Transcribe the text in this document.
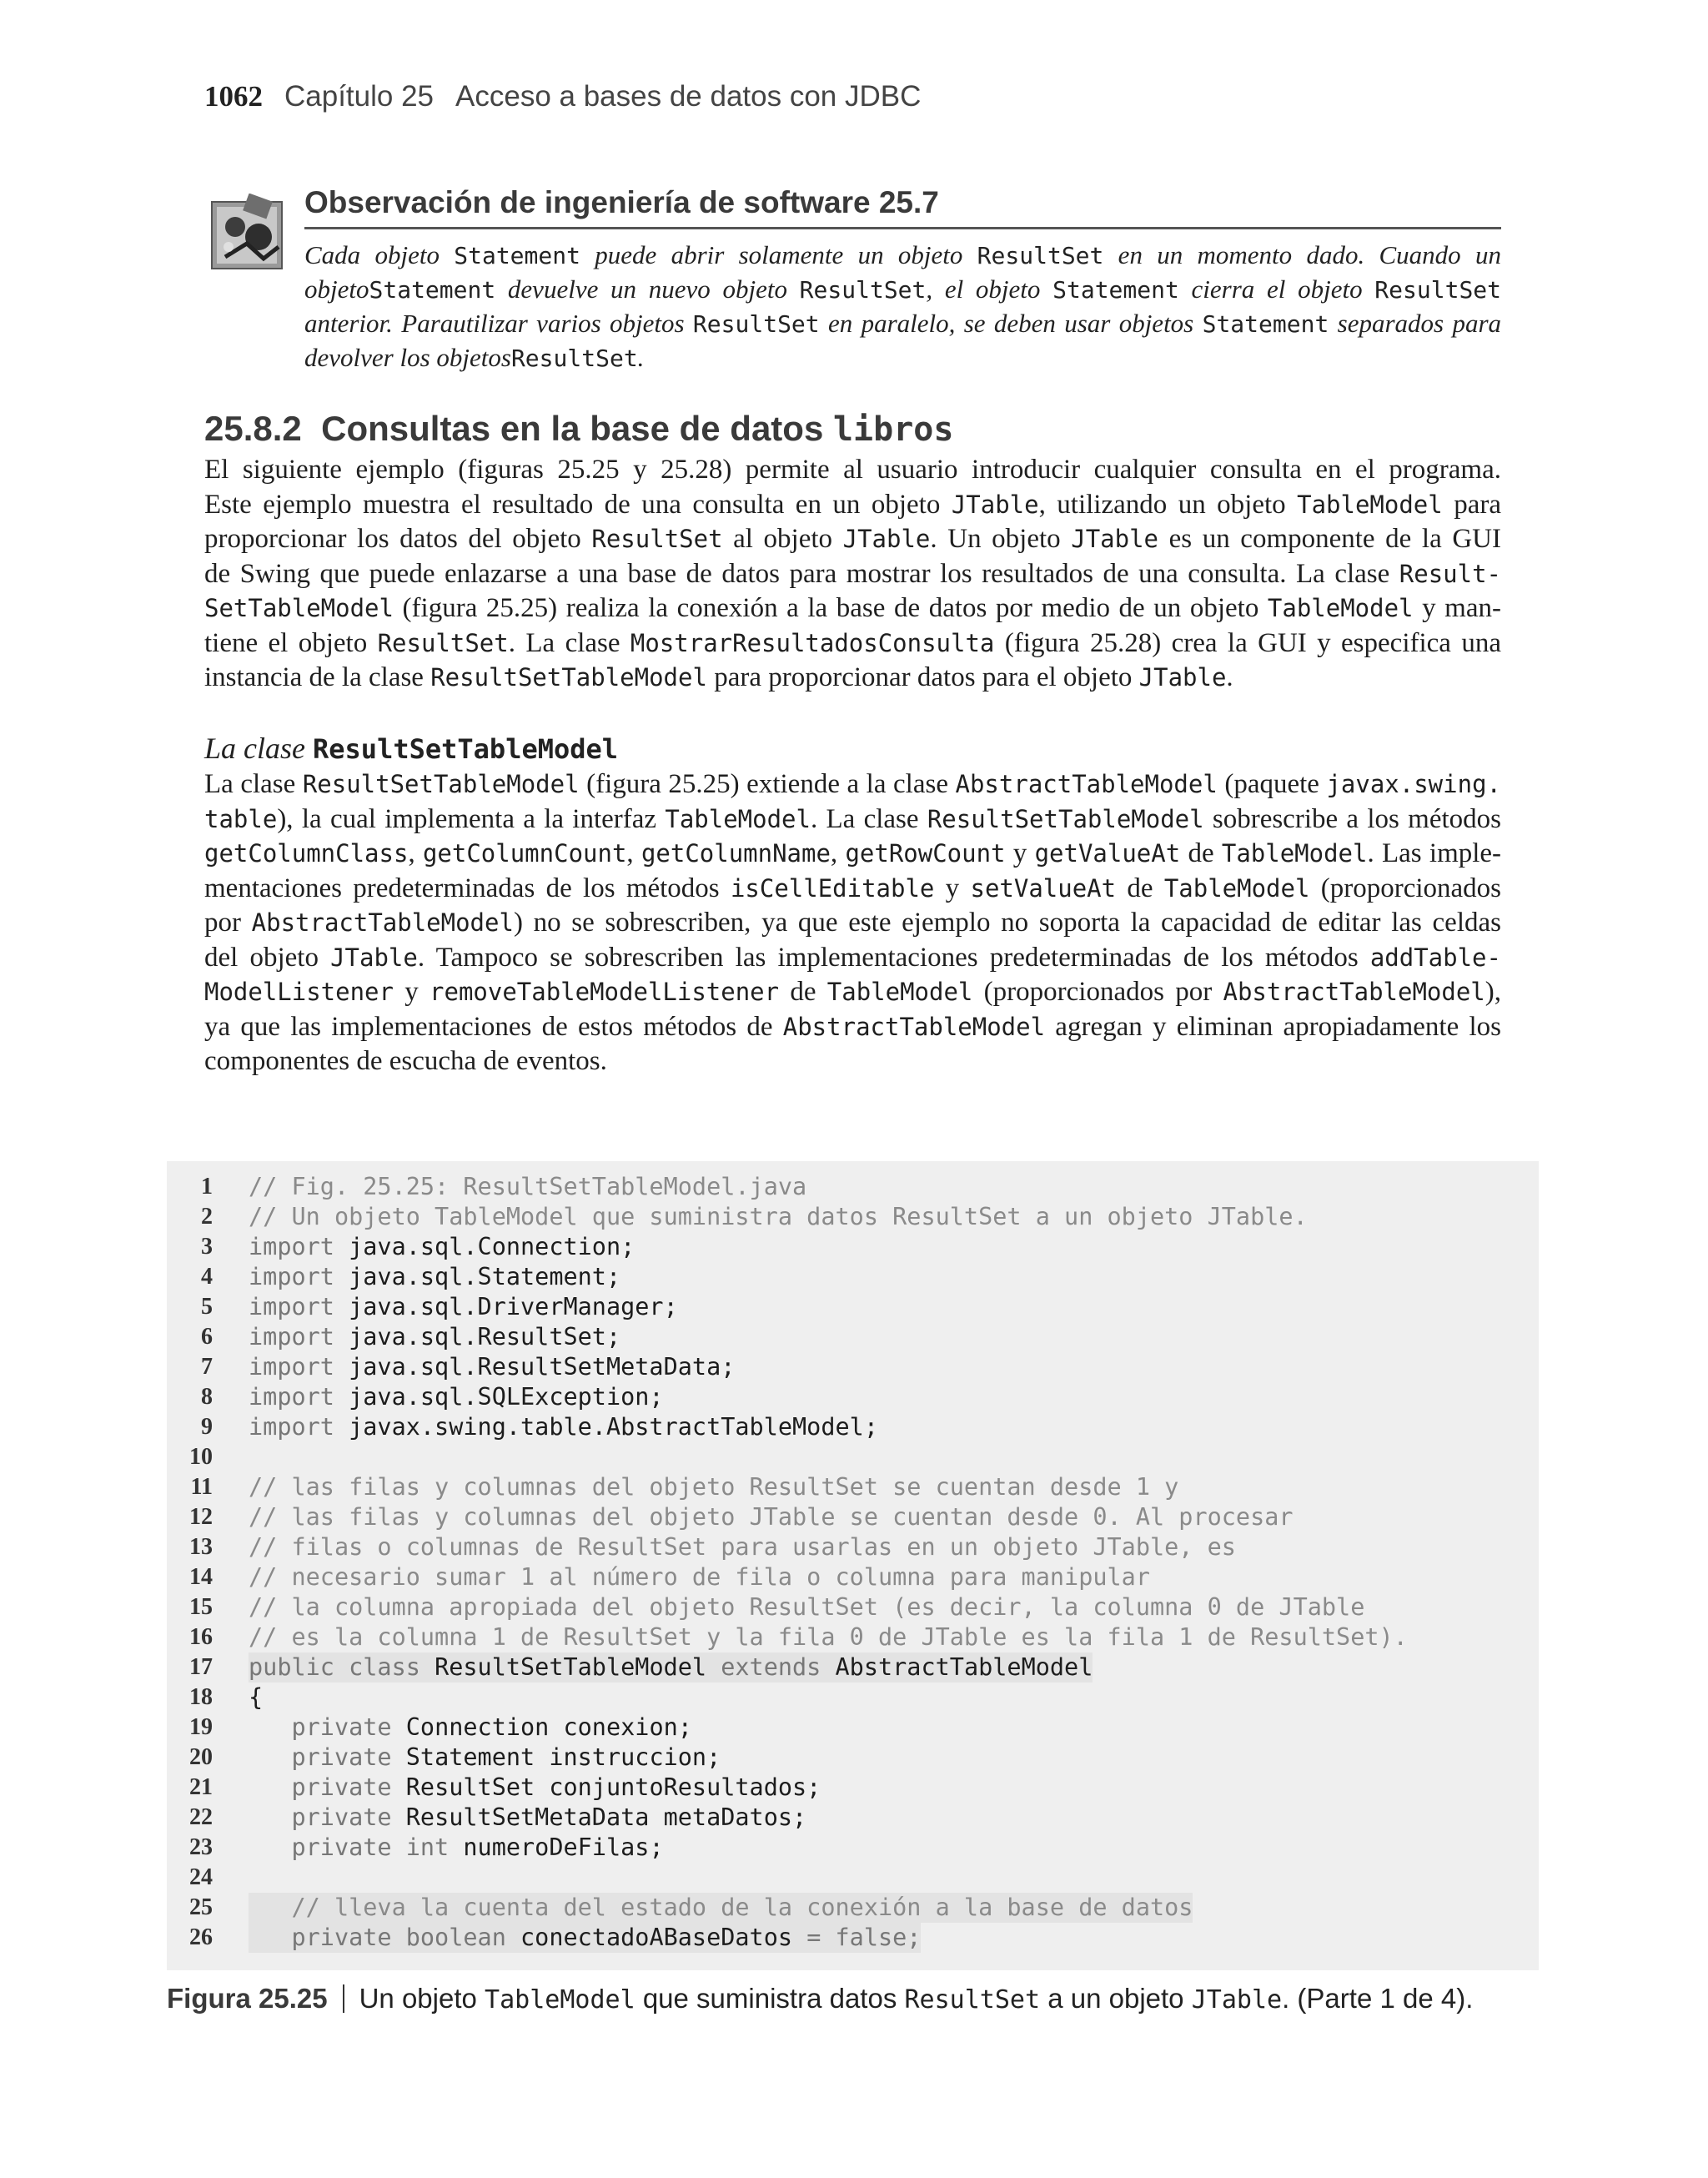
1062 Capítulo 25 Acceso a bases de datos con JDBC
Observación de ingeniería de software 25.7
Cada objeto Statement puede abrir solamente un objeto ResultSet en un momento dado. Cuando un objetoStatement devuelve un nuevo objeto ResultSet, el objeto Statement cierra el objeto ResultSet anterior. Parautilizar varios objetos ResultSet en paralelo, se deben usar objetos Statement separados para devolver los objetosResultSet.
25.8.2 Consultas en la base de datos libros
El siguiente ejemplo (figuras 25.25 y 25.28) permite al usuario introducir cualquier consulta en el programa.
Este ejemplo muestra el resultado de una consulta en un objeto JTable, utilizando un objeto TableModel para
proporcionar los datos del objeto ResultSet al objeto JTable. Un objeto JTable es un componente de la GUI
de Swing que puede enlazarse a una base de datos para mostrar los resultados de una consulta. La clase Result-
SetTableModel (figura 25.25) realiza la conexión a la base de datos por medio de un objeto TableModel y man-
tiene el objeto ResultSet. La clase MostrarResultadosConsulta (figura 25.28) crea la GUI y especifica una
instancia de la clase ResultSetTableModel para proporcionar datos para el objeto JTable.
La clase ResultSetTableModel
La clase ResultSetTableModel (figura 25.25) extiende a la clase AbstractTableModel (paquete javax.swing.
table), la cual implementa a la interfaz TableModel. La clase ResultSetTableModel sobrescribe a los métodos
getColumnClass, getColumnCount, getColumnName, getRowCount y getValueAt de TableModel. Las imple-
mentaciones predeterminadas de los métodos isCellEditable y setValueAt de TableModel (proporcionados
por AbstractTableModel) no se sobrescriben, ya que este ejemplo no soporta la capacidad de editar las celdas
del objeto JTable. Tampoco se sobrescriben las implementaciones predeterminadas de los métodos addTable-
ModelListener y removeTableModelListener de TableModel (proporcionados por AbstractTableModel),
ya que las implementaciones de estos métodos de AbstractTableModel agregan y eliminan apropiadamente los
componentes de escucha de eventos.
1 // Fig. 25.25: ResultSetTableModel.java
2 // Un objeto TableModel que suministra datos ResultSet a un objeto JTable.
3 import java.sql.Connection;
4 import java.sql.Statement;
5 import java.sql.DriverManager;
6 import java.sql.ResultSet;
7 import java.sql.ResultSetMetaData;
8 import java.sql.SQLException;
9 import javax.swing.table.AbstractTableModel;
10
11 // las filas y columnas del objeto ResultSet se cuentan desde 1 y
12 // las filas y columnas del objeto JTable se cuentan desde 0. Al procesar
13 // filas o columnas de ResultSet para usarlas en un objeto JTable, es
14 // necesario sumar 1 al número de fila o columna para manipular
15 // la columna apropiada del objeto ResultSet (es decir, la columna 0 de JTable
16 // es la columna 1 de ResultSet y la fila 0 de JTable es la fila 1 de ResultSet).
17 public class ResultSetTableModel extends AbstractTableModel
18 {
19 private Connection conexion;
20 private Statement instruccion;
21 private ResultSet conjuntoResultados;
22 private ResultSetMetaData metaDatos;
23 private int numeroDeFilas;
24
25 // lleva la cuenta del estado de la conexión a la base de datos
26 private boolean conectadoABaseDatos = false;
Figura 25.25 Un objeto TableModel que suministra datos ResultSet a un objeto JTable. (Parte 1 de 4).
